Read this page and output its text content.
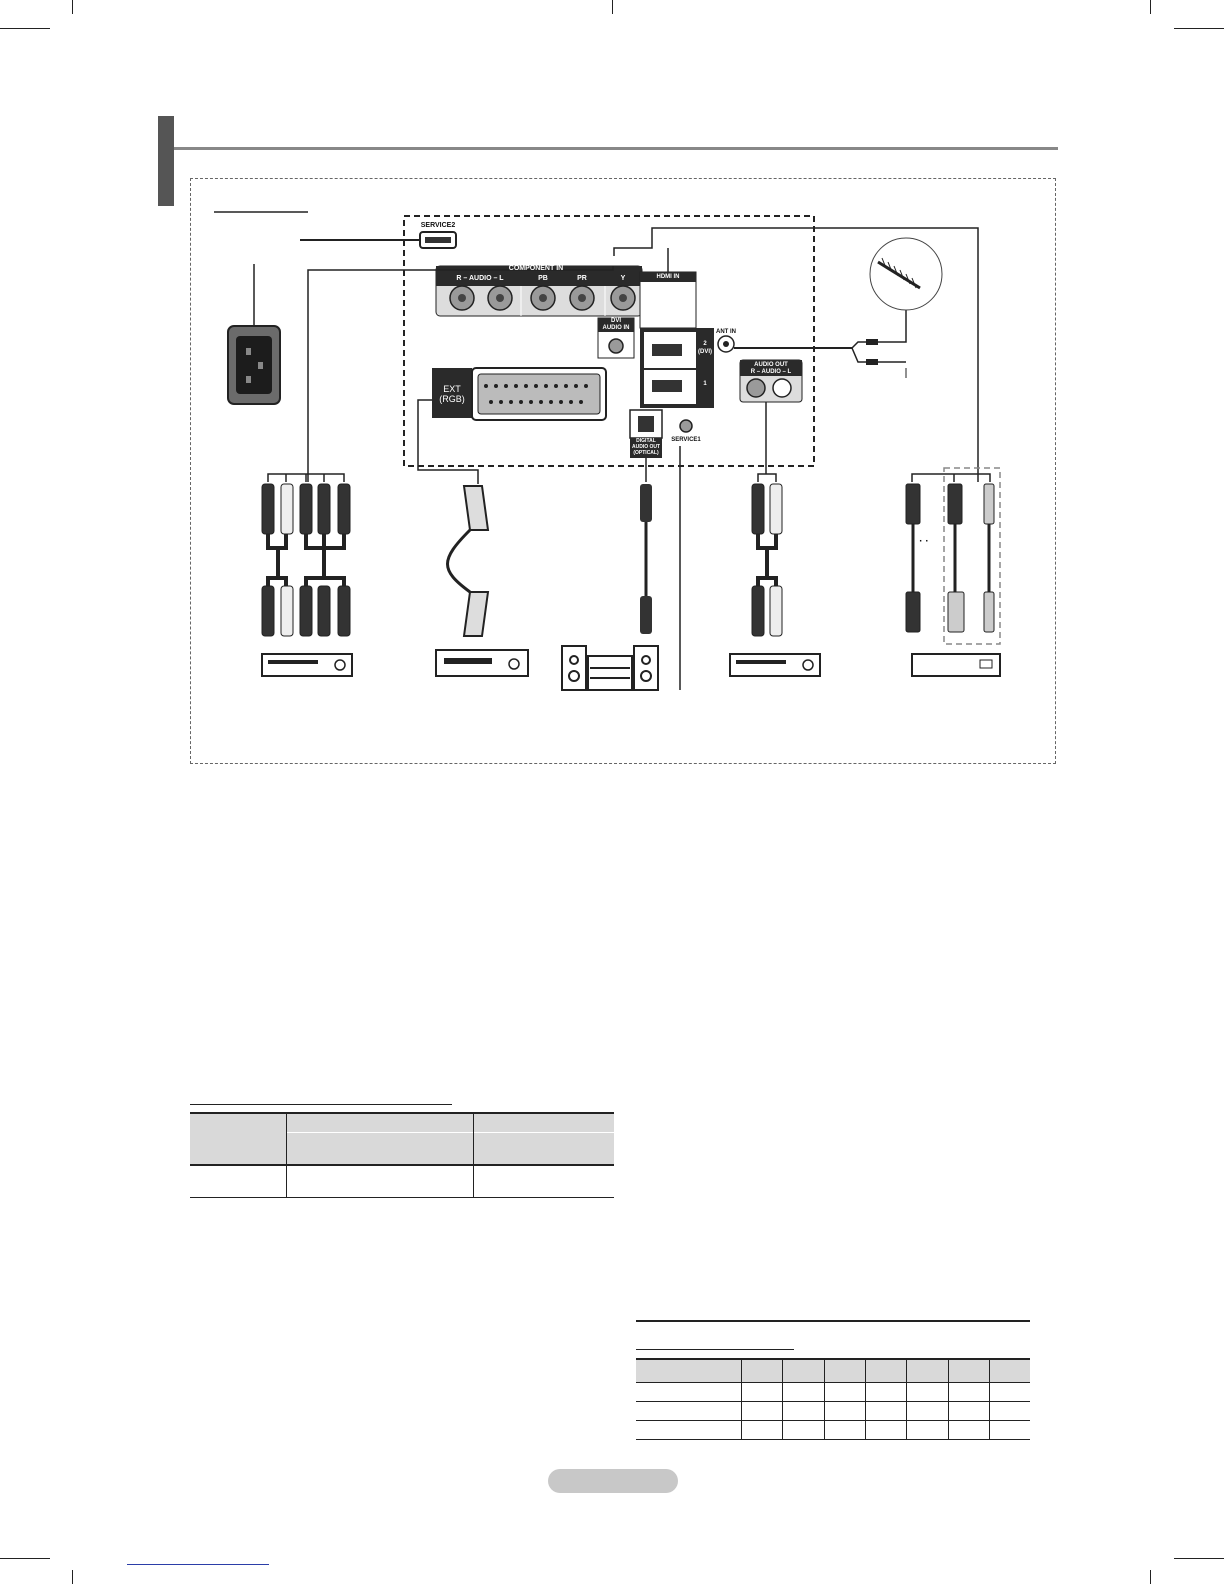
SERVICE2
COMPONENT IN
R – AUDIO – L	PB	PR	Y	HDMI IN
DVI
AUDIO IN
2 (DVI)
1
ANT IN
EXT
(RGB)
DIGITAL
AUDIO OUT
(OPTICAL)
SERVICE1
AUDIO OUT
R – AUDIO – L
· ·
